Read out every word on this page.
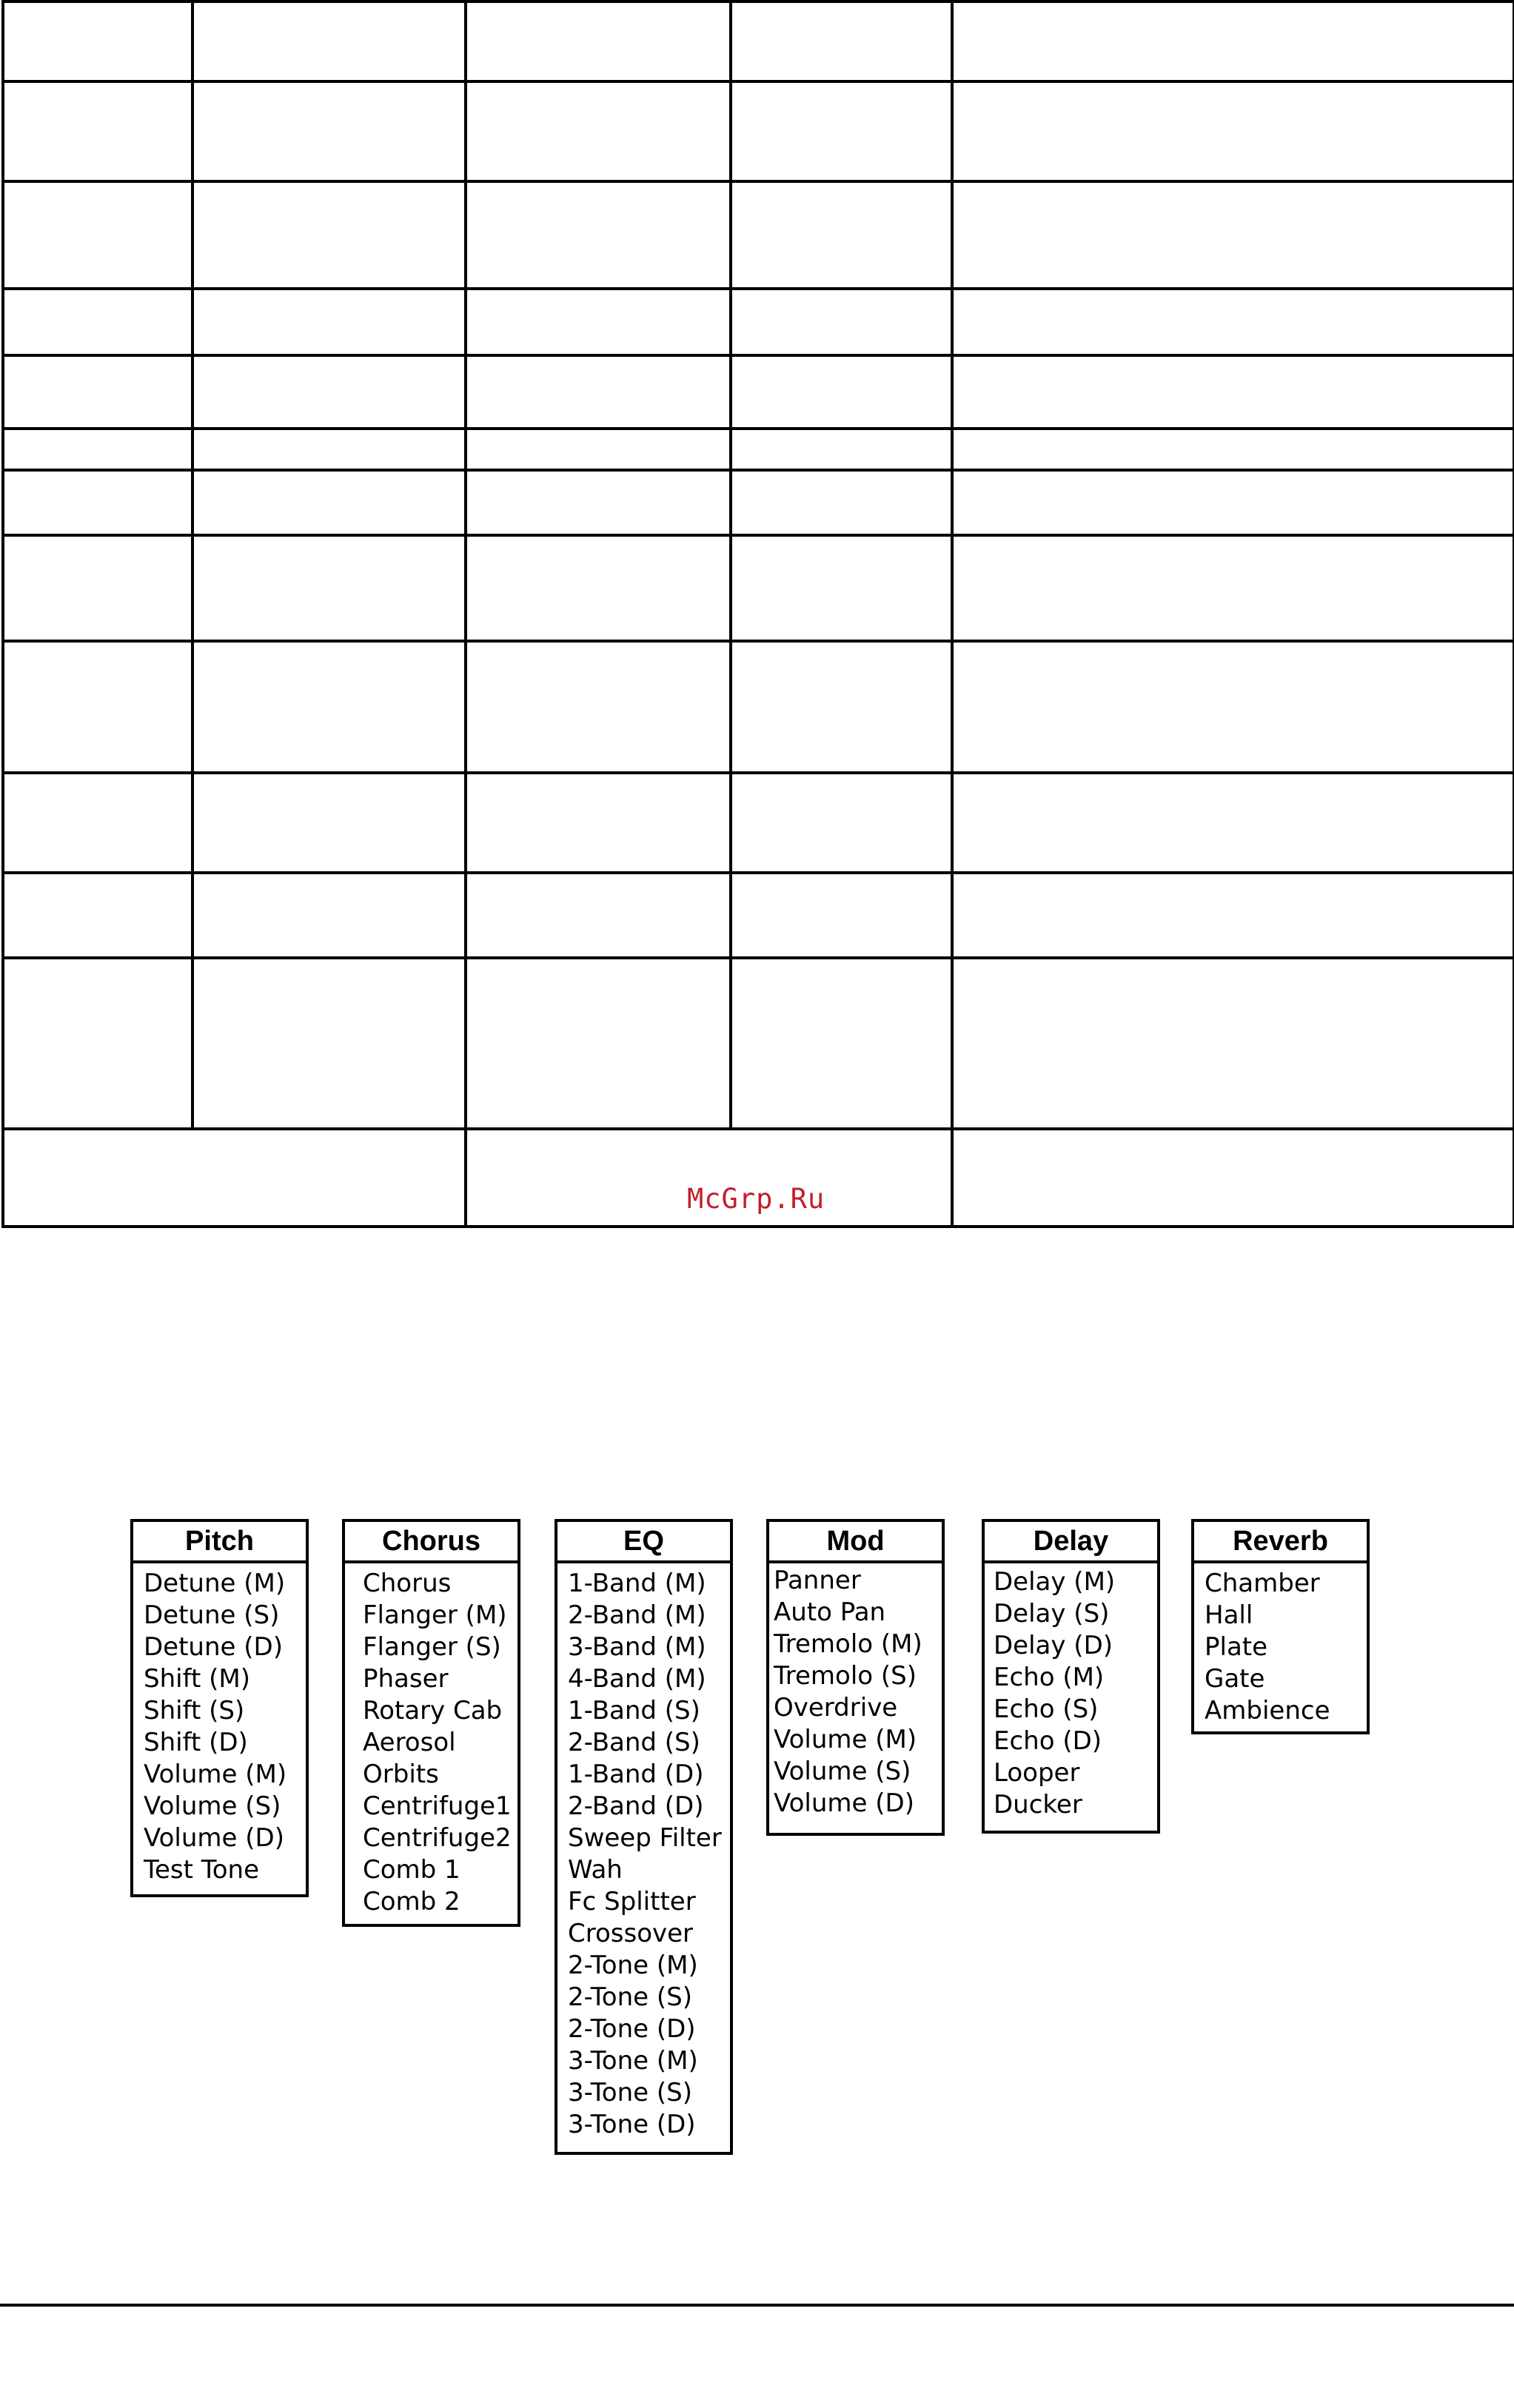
McGrp.Ru
Pitch
Detune (M)
Detune (S)
Detune (D)
Shift (M)
Shift (S)
Shift (D)
Volume (M)
Volume (S)
Volume (D)
Test Tone
Chorus
Chorus
Flanger (M)
Flanger (S)
Phaser
Rotary Cab
Aerosol
Orbits
Centrifuge1
Centrifuge2
Comb 1
Comb 2
EQ
1-Band (M)
2-Band (M)
3-Band (M)
4-Band (M)
1-Band (S)
2-Band (S)
1-Band (D)
2-Band (D)
Sweep Filter
Wah
Fc Splitter
Crossover
2-Tone (M)
2-Tone (S)
2-Tone (D)
3-Tone (M)
3-Tone (S)
3-Tone (D)
Mod
Panner
Auto Pan
Tremolo (M)
Tremolo (S)
Overdrive
Volume (M)
Volume (S)
Volume (D)
Delay
Delay (M)
Delay (S)
Delay (D)
Echo (M)
Echo (S)
Echo (D)
Looper
Ducker
Reverb
Chamber
Hall
Plate
Gate
Ambience
